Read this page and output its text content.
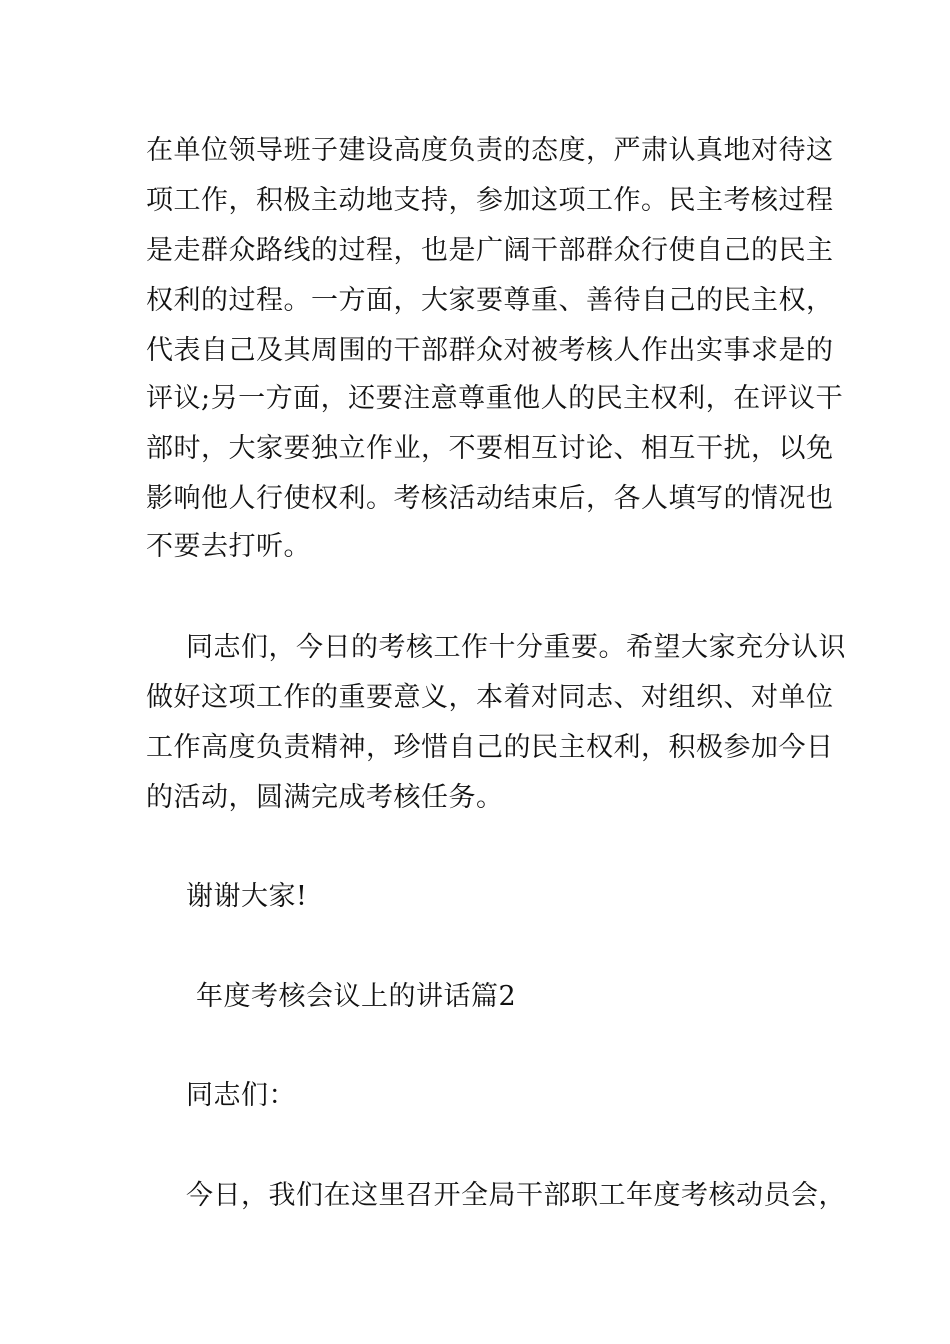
在单位领导班子建设高度负责的态度，严肃认真地对待这
项工作，积极主动地支持，参加这项工作。民主考核过程
是走群众路线的过程，也是广阔干部群众行使自己的民主
权利的过程。一方面，大家要尊重、善待自己的民主权，
代表自己及其周围的干部群众对被考核人作出实事求是的
评议;另一方面，还要注意尊重他人的民主权利，在评议干
部时，大家要独立作业，不要相互讨论、相互干扰，以免
影响他人行使权利。考核活动结束后，各人填写的情况也
不要去打听。
同志们，今日的考核工作十分重要。希望大家充分认识
做好这项工作的重要意义，本着对同志、对组织、对单位
工作高度负责精神，珍惜自己的民主权利，积极参加今日
的活动，圆满完成考核任务。
谢谢大家!
年度考核会议上的讲话篇2
同志们：
今日，我们在这里召开全局干部职工年度考核动员会，
